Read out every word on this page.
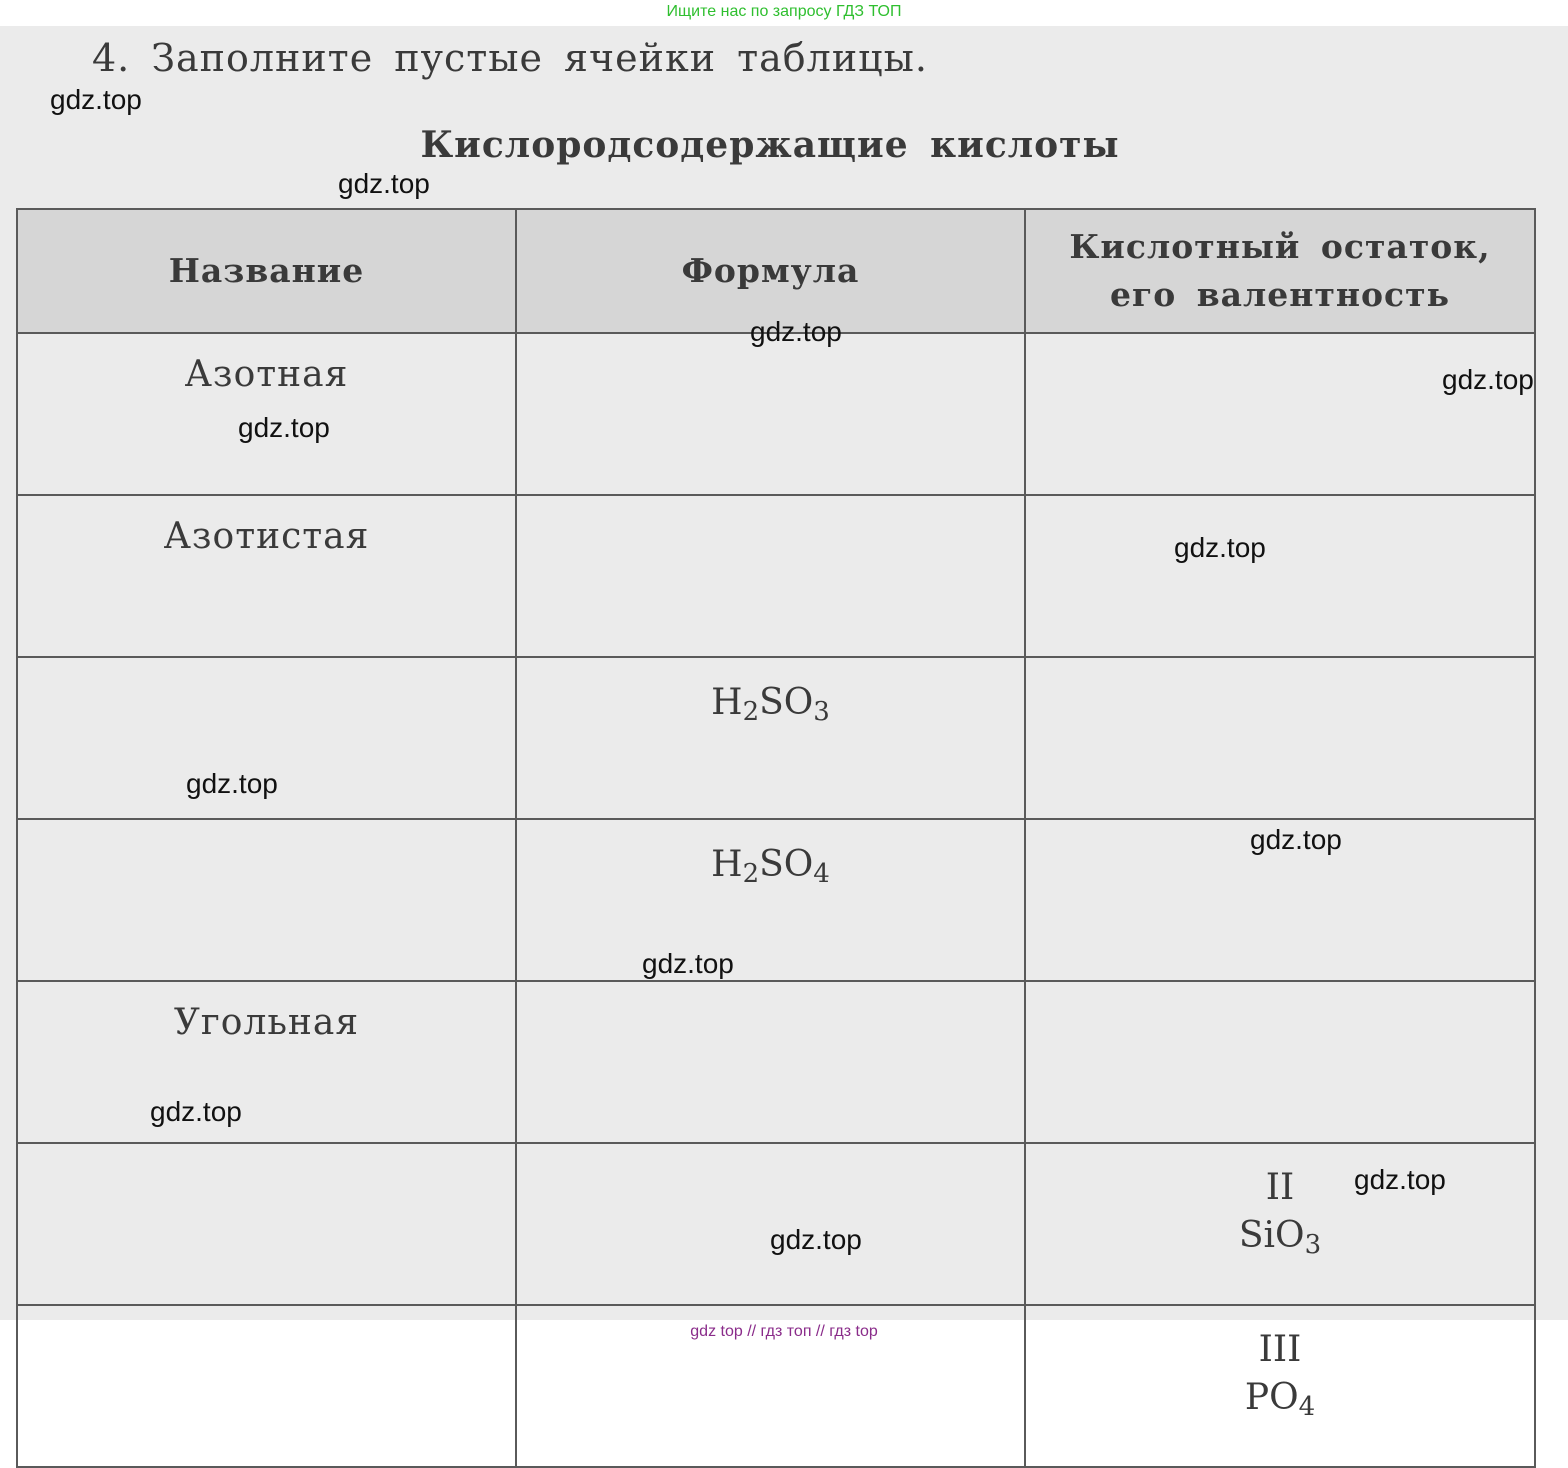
Ищите нас по запросу ГДЗ ТОП
4. Заполните пустые ячейки таблицы.
Кислородсодержащие кислоты
Название	Формула	Кислотный остаток,
его валентность

Азотная		

Азотистая		

	$H_2SO_3$	

	$H_2SO_4$	

Угольная		

		II
SiO$_3$

		III
$PO_4$
gdz.top
gdz.top
gdz.top
gdz.top
gdz.top
gdz.top
gdz.top
gdz.top
gdz.top
gdz.top
gdz.top
gdz.top
gdz top // гдз топ // гдз top
